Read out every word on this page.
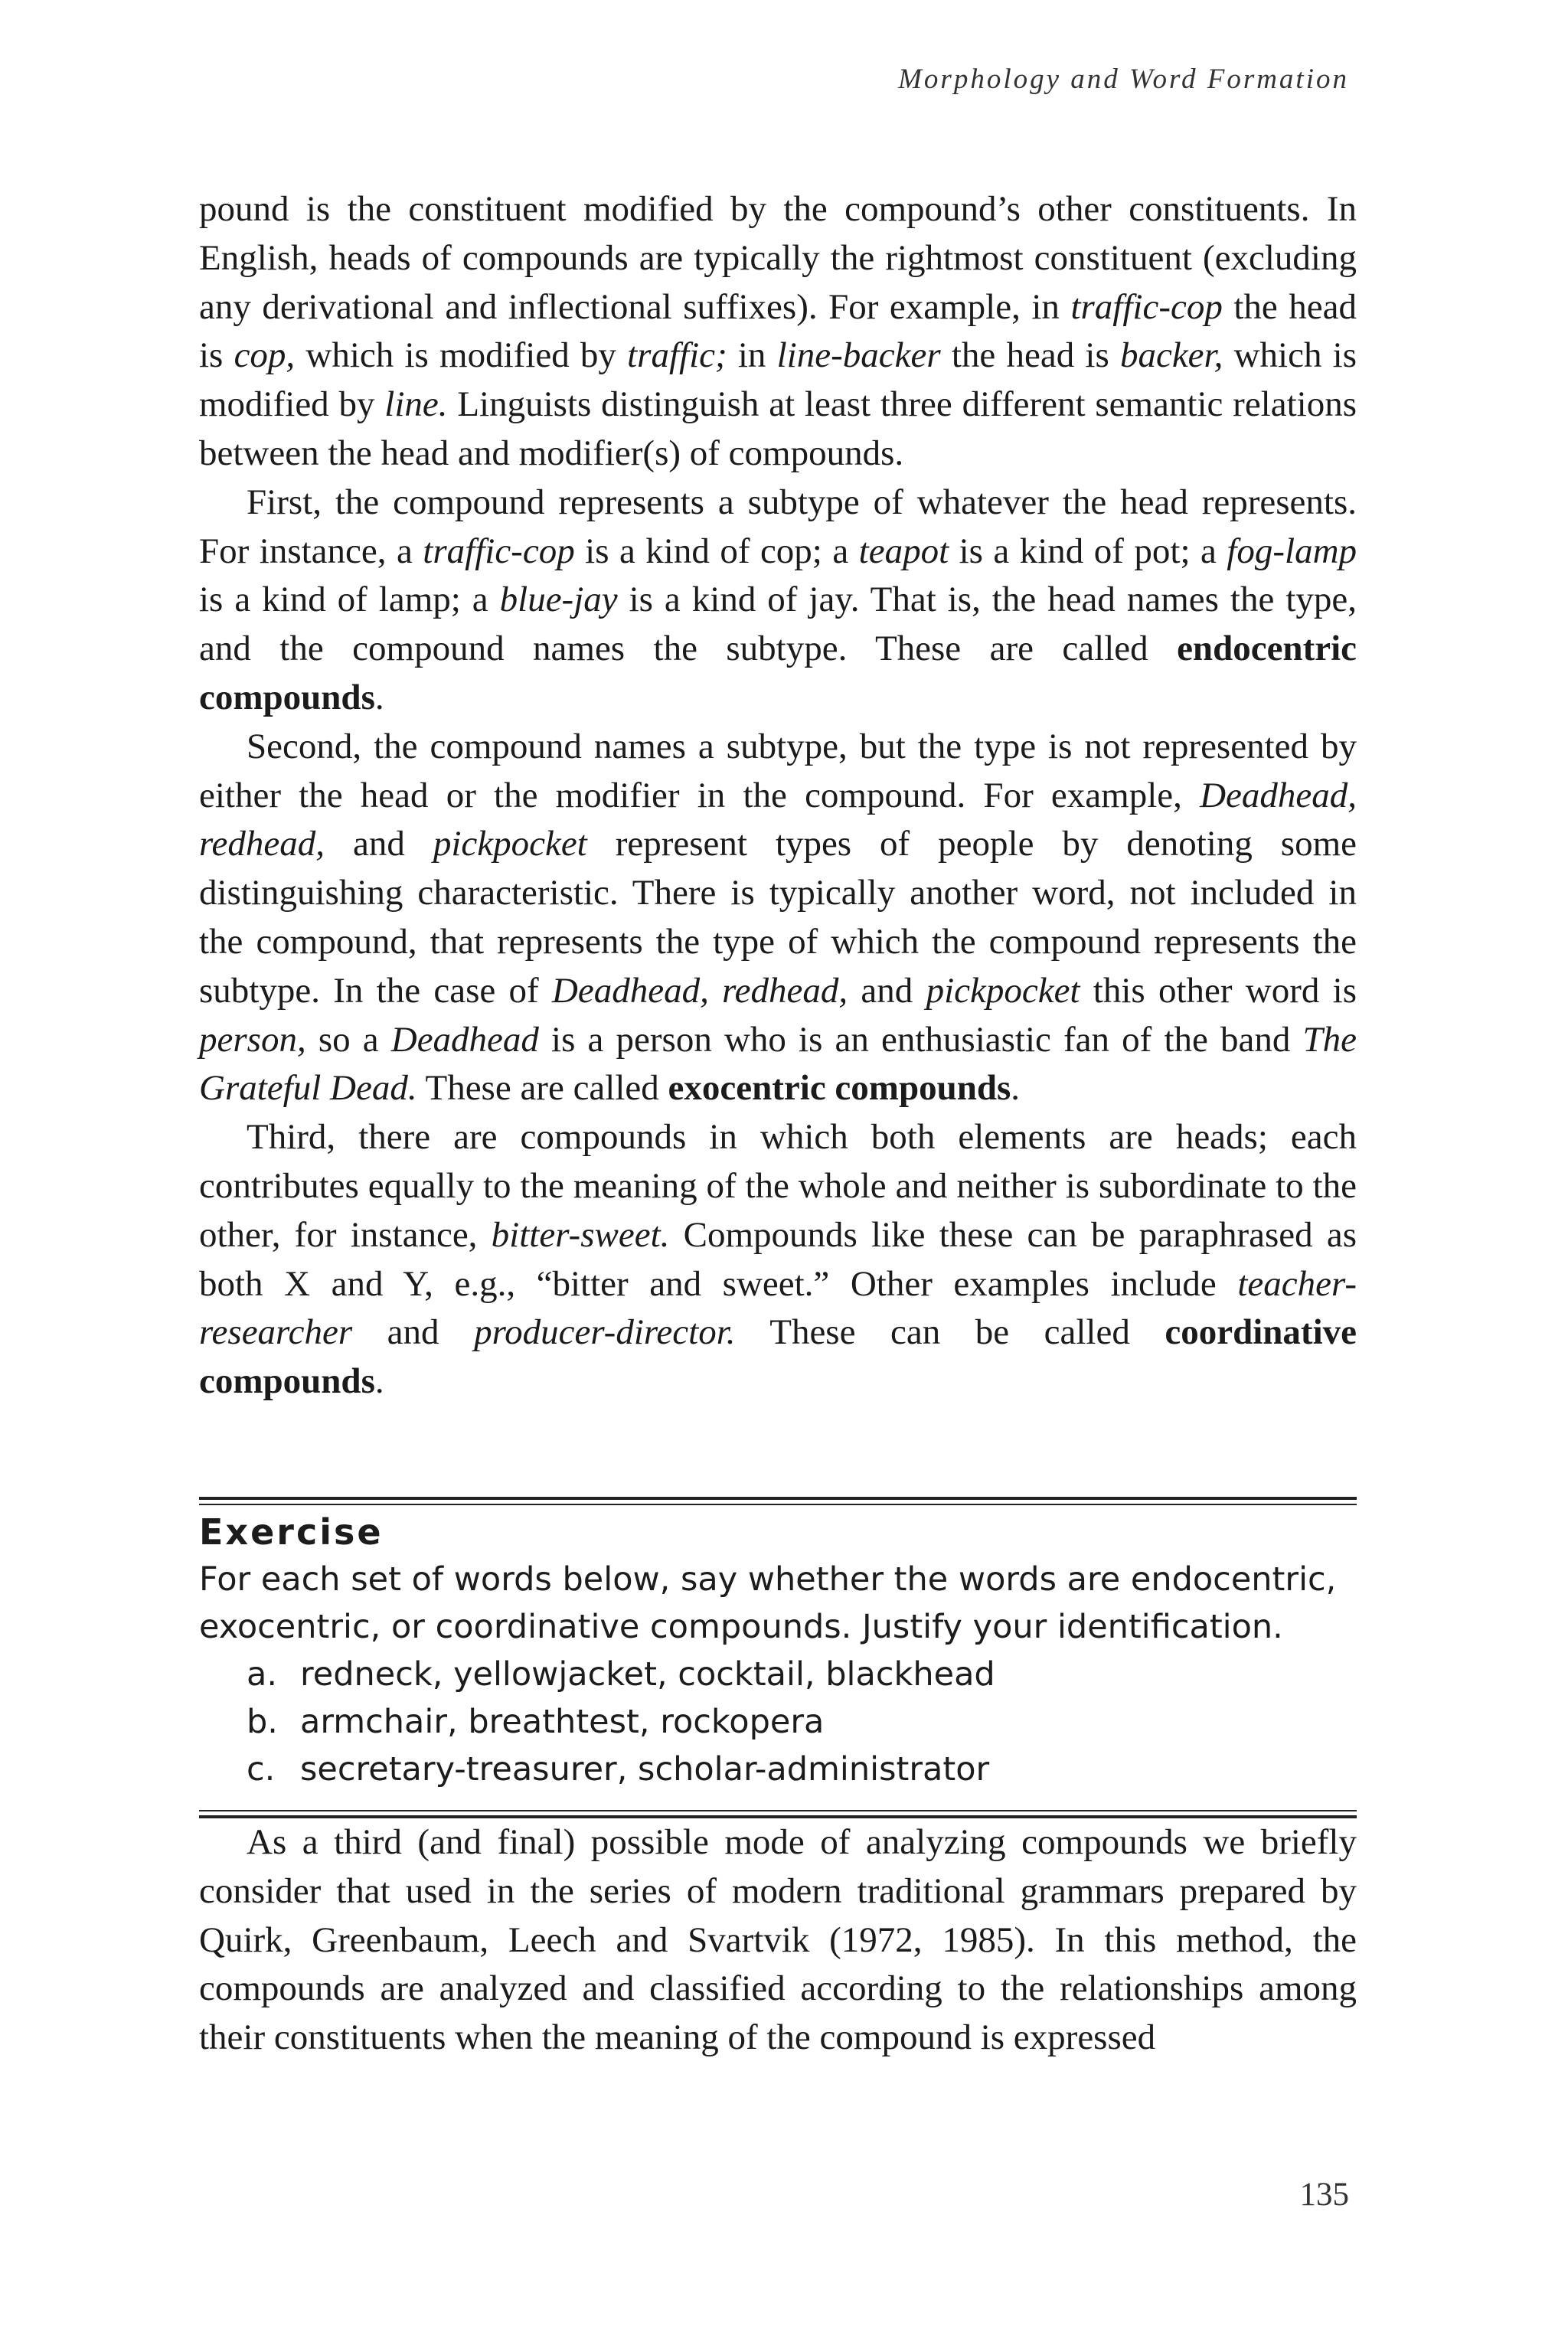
Morphology and Word Formation

pound is the constituent modified by the compound’s other constituents. In English, heads of compounds are typically the rightmost constituent (excluding any derivational and inflectional suffixes). For example, in traffic-cop the head is cop, which is modified by traffic; in line-backer the head is backer, which is modified by line. Linguists distinguish at least three different semantic relations between the head and modifier(s) of compounds.

First, the compound represents a subtype of whatever the head represents. For instance, a traffic-cop is a kind of cop; a teapot is a kind of pot; a fog-lamp is a kind of lamp; a blue-jay is a kind of jay. That is, the head names the type, and the compound names the subtype. These are called endocentric compounds.

Second, the compound names a subtype, but the type is not represented by either the head or the modifier in the compound. For example, Deadhead, redhead, and pickpocket represent types of people by denoting some distinguishing characteristic. There is typically another word, not included in the compound, that represents the type of which the compound represents the subtype. In the case of Deadhead, redhead, and pickpocket this other word is person, so a Deadhead is a person who is an enthusiastic fan of the band The Grateful Dead. These are called exocentric compounds.

Third, there are compounds in which both elements are heads; each contributes equally to the meaning of the whole and neither is subordinate to the other, for instance, bitter-sweet. Compounds like these can be paraphrased as both X and Y, e.g., “bitter and sweet.” Other examples include teacher-researcher and producer-director. These can be called coordinative compounds.

Exercise
For each set of words below, say whether the words are endocentric, exocentric, or coordinative compounds. Justify your identification.
a. redneck, yellowjacket, cocktail, blackhead
b. armchair, breathtest, rockopera
c. secretary-treasurer, scholar-administrator

As a third (and final) possible mode of analyzing compounds we briefly consider that used in the series of modern traditional grammars prepared by Quirk, Greenbaum, Leech and Svartvik (1972, 1985). In this method, the compounds are analyzed and classified according to the relationships among their constituents when the meaning of the compound is expressed

135
